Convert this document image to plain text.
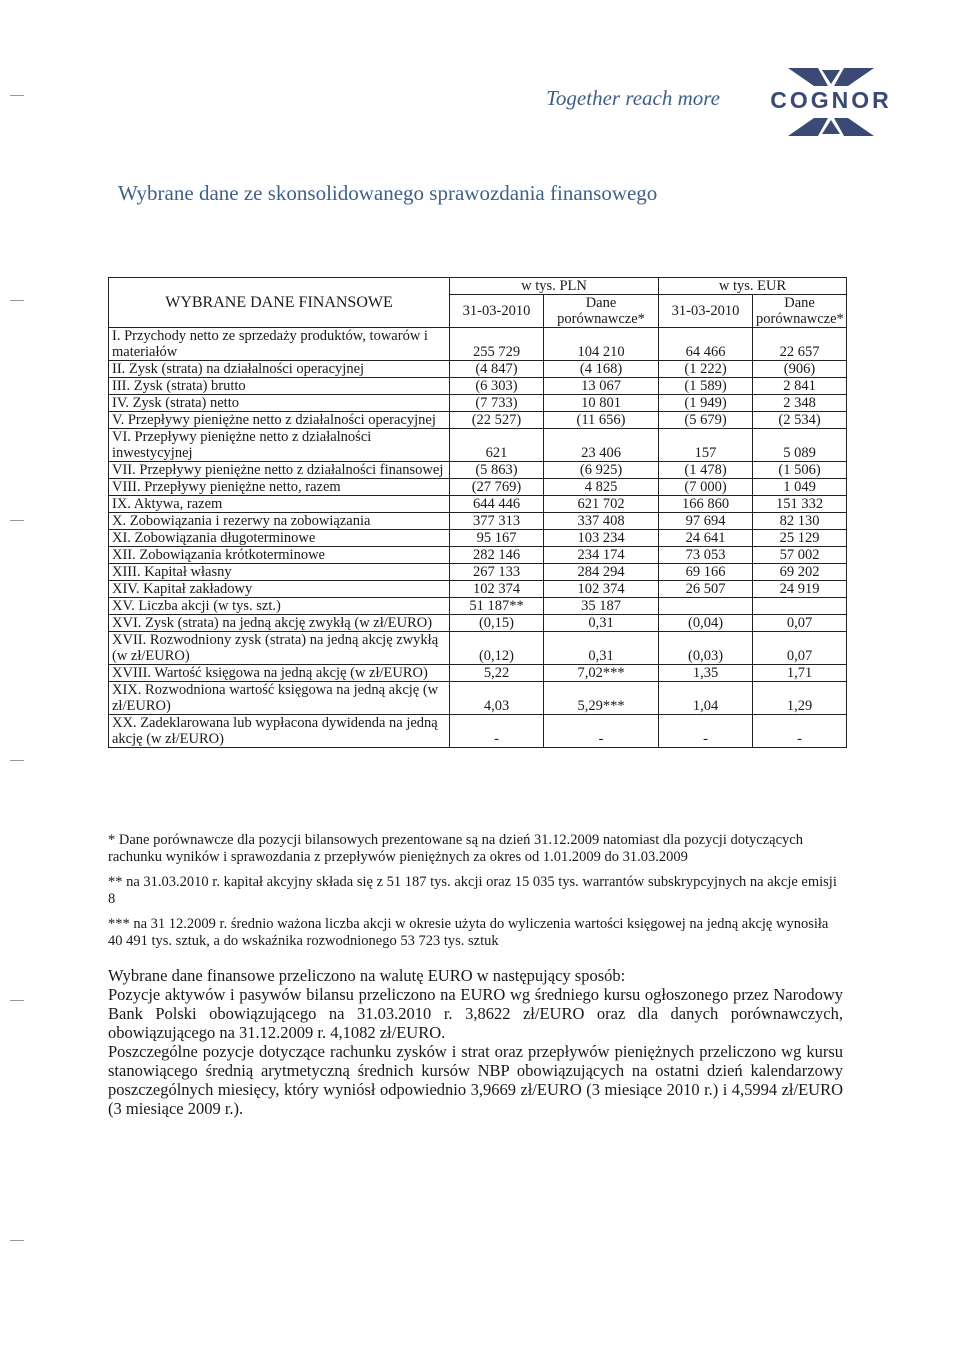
Together reach more COGNOR
Wybrane dane ze skonsolidowanego sprawozdania finansowego
WYBRANE DANE FINANSOWE	w tys. PLN		w tys. EUR	
	31-03-2010	Dane porównawcze*	31-03-2010	Dane porównawcze*
I. Przychody netto ze sprzedaży produktów, towarów i materiałów	255 729	104 210	64 466	22 657
II. Zysk (strata) na działalności operacyjnej	(4 847)	(4 168)	(1 222)	(906)
III. Zysk (strata) brutto	(6 303)	13 067	(1 589)	2 841
IV. Zysk (strata) netto	(7 733)	10 801	(1 949)	2 348
V. Przepływy pieniężne netto z działalności operacyjnej	(22 527)	(11 656)	(5 679)	(2 534)
VI. Przepływy pieniężne netto z działalności inwestycyjnej	621	23 406	157	5 089
VII. Przepływy pieniężne netto z działalności finansowej	(5 863)	(6 925)	(1 478)	(1 506)
VIII. Przepływy pieniężne netto, razem	(27 769)	4 825	(7 000)	1 049
IX. Aktywa, razem	644 446	621 702	166 860	151 332
X. Zobowiązania i rezerwy na zobowiązania	377 313	337 408	97 694	82 130
XI. Zobowiązania długoterminowe	95 167	103 234	24 641	25 129
XII. Zobowiązania krótkoterminowe	282 146	234 174	73 053	57 002
XIII. Kapitał własny	267 133	284 294	69 166	69 202
XIV. Kapitał zakładowy	102 374	102 374	26 507	24 919
XV. Liczba akcji (w tys. szt.)	51 187**	35 187		
XVI. Zysk (strata) na jedną akcję zwykłą (w zł/EURO)	(0,15)	0,31	(0,04)	0,07
XVII. Rozwodniony zysk (strata) na jedną akcję zwykłą (w zł/EURO)	(0,12)	0,31	(0,03)	0,07
XVIII. Wartość księgowa na jedną akcję (w zł/EURO)	5,22	7,02***	1,35	1,71
XIX. Rozwodniona wartość księgowa na jedną akcję (w zł/EURO)	4,03	5,29***	1,04	1,29
XX. Zadeklarowana lub wypłacona dywidenda na jedną akcję (w zł/EURO)	-	-	-	-

* Dane porównawcze dla pozycji bilansowych prezentowane są na dzień 31.12.2009 natomiast dla pozycji dotyczących rachunku wyników i sprawozdania z przepływów pieniężnych za okres od 1.01.2009 do 31.03.2009

** na 31.03.2010 r. kapitał akcyjny składa się z 51 187 tys. akcji oraz 15 035 tys. warrantów subskrypcyjnych na akcje emisji 8

*** na 31 12.2009 r. średnio ważona liczba akcji w okresie użyta do wyliczenia wartości księgowej na jedną akcję wynosiła 40 491 tys. sztuk, a do wskaźnika rozwodnionego 53 723 tys. sztuk

Wybrane dane finansowe przeliczono na walutę EURO w następujący sposób:

Pozycje aktywów i pasywów bilansu przeliczono na EURO wg średniego kursu ogłoszonego przez Narodowy Bank Polski obowiązującego na 31.03.2010 r. 3,8622 zł/EURO oraz dla danych porównawczych, obowiązującego na 31.12.2009 r. 4,1082 zł/EURO.

Poszczególne pozycje dotyczące rachunku zysków i strat oraz przepływów pieniężnych przeliczono wg kursu stanowiącego średnią arytmetyczną średnich kursów NBP obowiązujących na ostatni dzień kalendarzowy poszczególnych miesięcy, który wyniósł odpowiednio 3,9669 zł/EURO (3 miesiące 2010 r.) i 4,5994 zł/EURO (3 miesiące 2009 r.).
